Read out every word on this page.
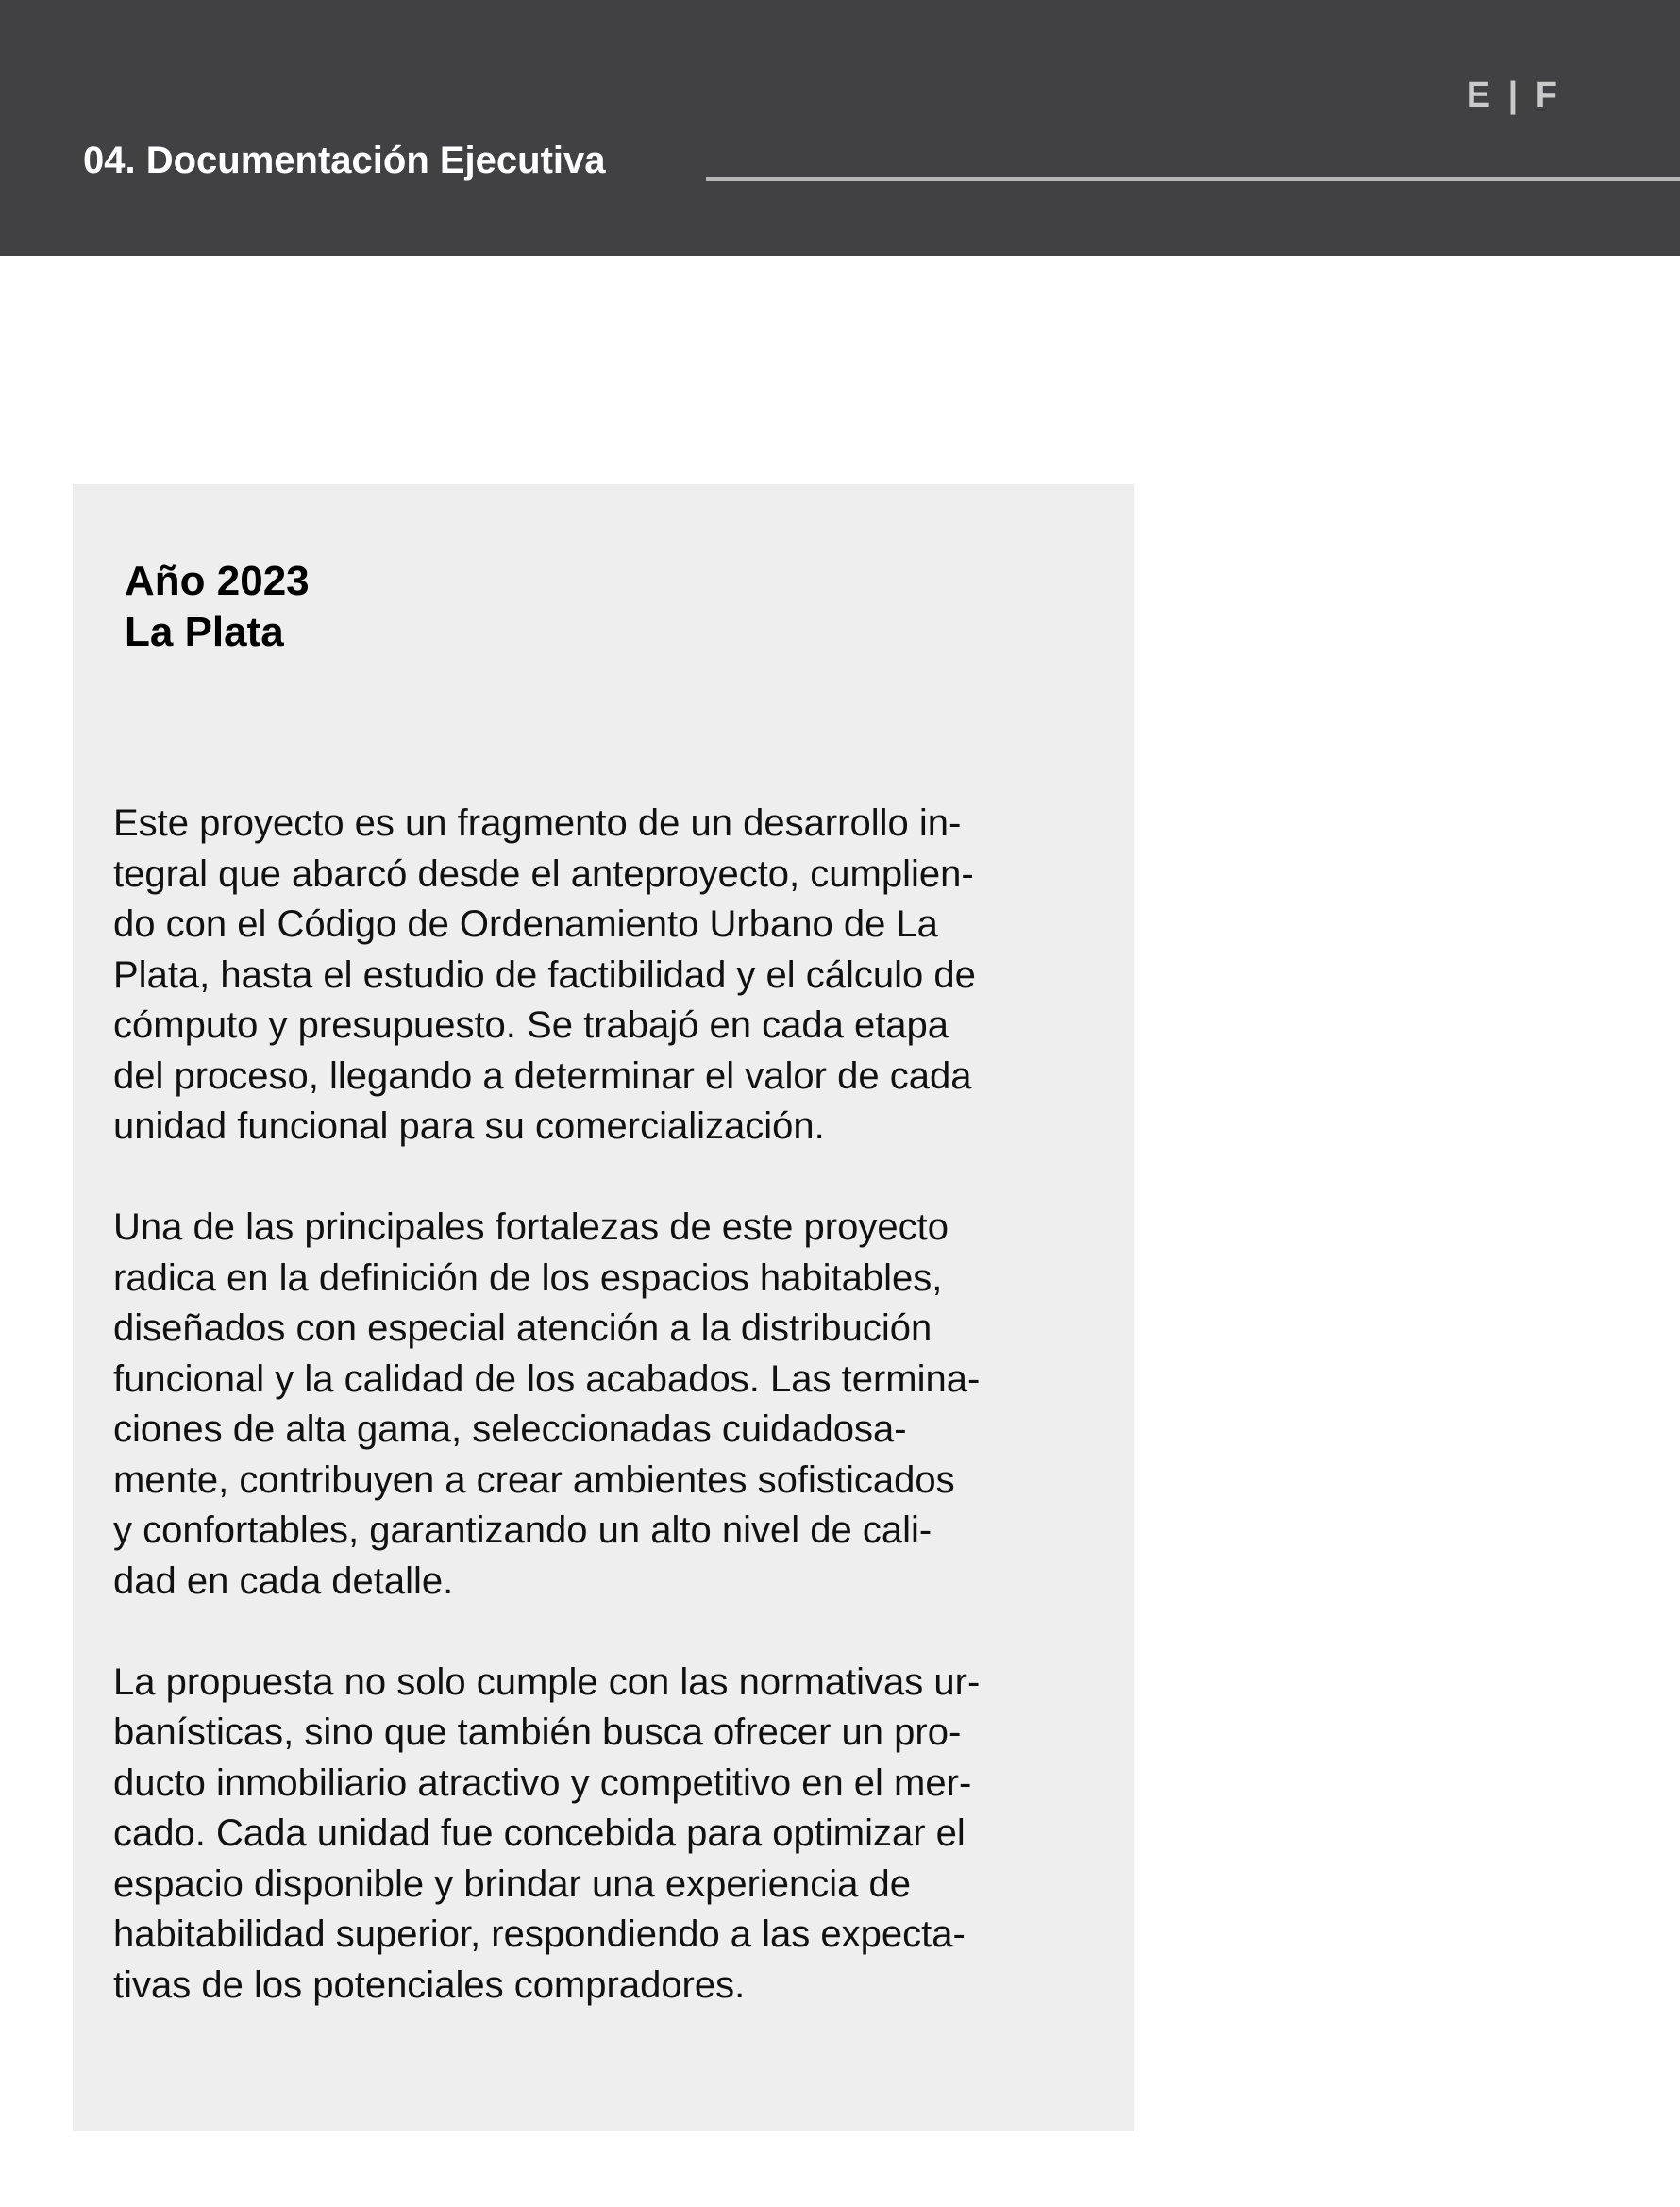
04. Documentación Ejecutiva
E | F
Año 2023
La Plata

Este proyecto es un fragmento de un desarrollo in-
tegral que abarcó desde el anteproyecto, cumplien-
do con el Código de Ordenamiento Urbano de La
Plata, hasta el estudio de factibilidad y el cálculo de
cómputo y presupuesto. Se trabajó en cada etapa
del proceso, llegando a determinar el valor de cada
unidad funcional para su comercialización.

Una de las principales fortalezas de este proyecto
radica en la definición de los espacios habitables,
diseñados con especial atención a la distribución
funcional y la calidad de los acabados. Las termina-
ciones de alta gama, seleccionadas cuidadosa-
mente, contribuyen a crear ambientes sofisticados
y confortables, garantizando un alto nivel de cali-
dad en cada detalle.

La propuesta no solo cumple con las normativas ur-
banísticas, sino que también busca ofrecer un pro-
ducto inmobiliario atractivo y competitivo en el mer-
cado. Cada unidad fue concebida para optimizar el
espacio disponible y brindar una experiencia de
habitabilidad superior, respondiendo a las expecta-
tivas de los potenciales compradores.
